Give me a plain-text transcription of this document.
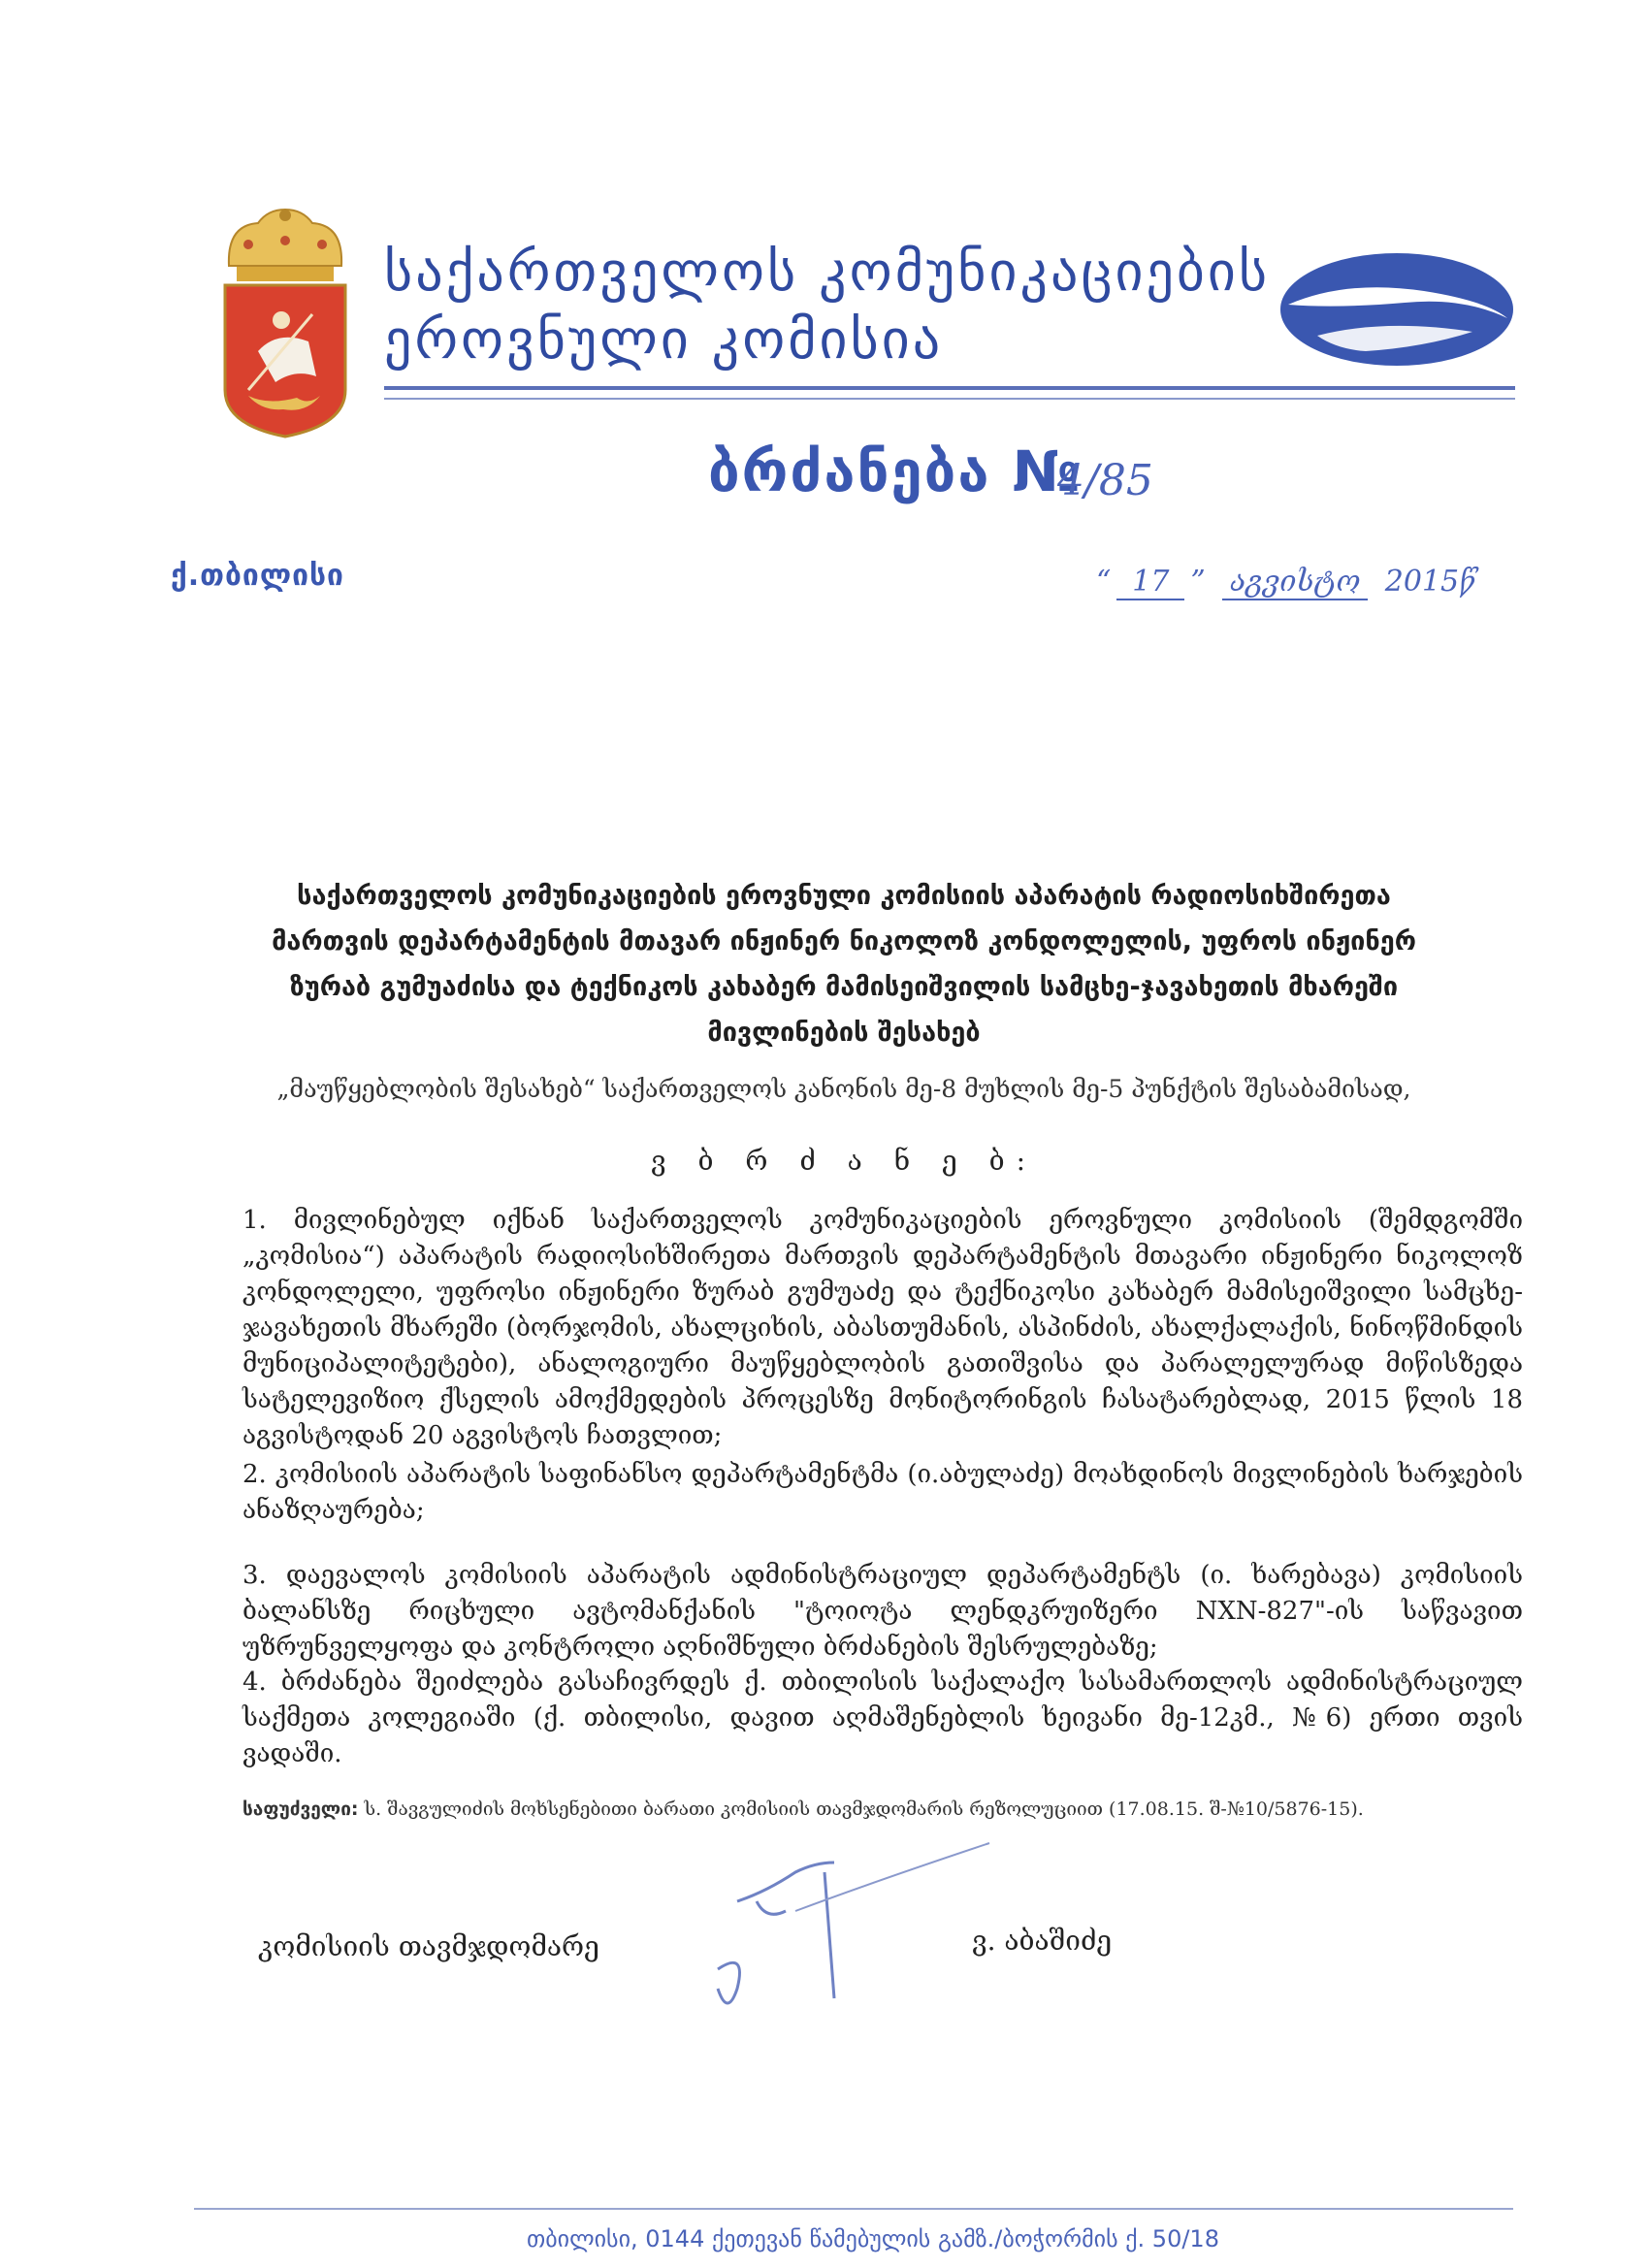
საქართველოს კომუნიკაციების
ეროვნული კომისია
ბრძანება №
4/85
ქ.თბილისი	“ 17 ” აგვისტო 2015წ
საქართველოს კომუნიკაციების ეროვნული კომისიის აპარატის რადიოსიხშირეთა მართვის დეპარტამენტის მთავარ ინჟინერ ნიკოლოზ კონდოლელის, უფროს ინჟინერ ზურაბ გუმუაძისა და ტექნიკოს კახაბერ მამისეიშვილის სამცხე-ჯავახეთის მხარეში მივლინების შესახებ
„მაუწყებლობის შესახებ“ საქართველოს კანონის მე-8 მუხლის მე-5 პუნქტის შესაბამისად,
ვ ბ რ ძ ა ნ ე ბ:
1. მივლინებულ იქნან საქართველოს კომუნიკაციების ეროვნული კომისიის (შემდგომში „კომისია“) აპარატის რადიოსიხშირეთა მართვის დეპარტამენტის მთავარი ინჟინერი ნიკოლოზ კონდოლელი, უფროსი ინჟინერი ზურაბ გუმუაძე და ტექნიკოსი კახაბერ მამისეიშვილი სამცხე-ჯავახეთის მხარეში (ბორჯომის, ახალციხის, აბასთუმანის, ასპინძის, ახალქალაქის, ნინოწმინდის მუნიციპალიტეტები), ანალოგიური მაუწყებლობის გათიშვისა და პარალელურად მიწისზედა სატელევიზიო ქსელის ამოქმედების პროცესზე მონიტორინგის ჩასატარებლად, 2015 წლის 18 აგვისტოდან 20 აგვისტოს ჩათვლით;
2. კომისიის აპარატის საფინანსო დეპარტამენტმა (ი.აბულაძე) მოახდინოს მივლინების ხარჯების ანაზღაურება;
3. დაევალოს კომისიის აპარატის ადმინისტრაციულ დეპარტამენტს (ი. ხარებავა) კომისიის ბალანსზე რიცხული ავტომანქანის "ტოიოტა ლენდკრუიზერი NXN-827"-ის საწვავით უზრუნველყოფა და კონტროლი აღნიშნული ბრძანების შესრულებაზე;
4. ბრძანება შეიძლება გასაჩივრდეს ქ. თბილისის საქალაქო სასამართლოს ადმინისტრაციულ საქმეთა კოლეგიაში (ქ. თბილისი, დავით აღმაშენებლის ხეივანი მე-12კმ., №6) ერთი თვის ვადაში.
საფუძველი: ს. შავგულიძის მოხსენებითი ბარათი კომისიის თავმჯდომარის რეზოლუციით (17.08.15. შ-№10/5876-15).
კომისიის თავმჯდომარე	ვ. აბაშიძე
თბილისი, 0144 ქეთევან წამებულის გამზ./ბოჭორმის ქ. 50/18
